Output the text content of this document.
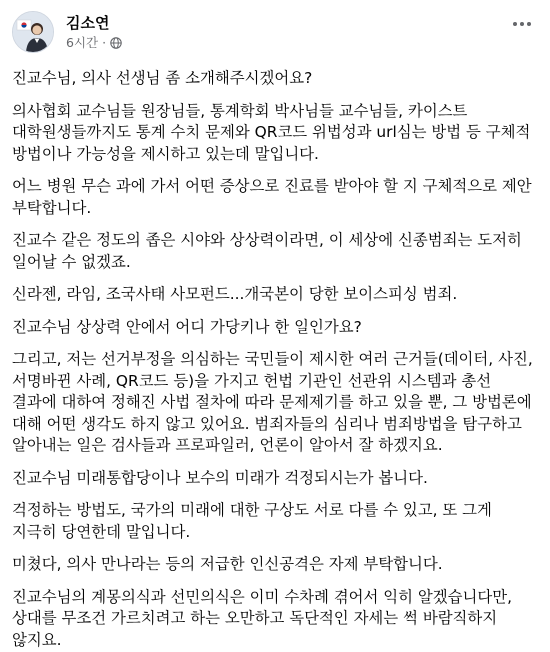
김소연
6시간 ·

진교수님, 의사 선생님 좀 소개해주시겠어요?

의사협회 교수님들 원장님들, 통계학회 박사님들 교수님들, 카이스트 대학원생들까지도 통계 수치 문제와 QR코드 위법성과 url심는 방법 등 구체적 방법이나 가능성을 제시하고 있는데 말입니다.

어느 병원 무슨 과에 가서 어떤 증상으로 진료를 받아야 할 지 구체적으로 제안 부탁합니다.

진교수 같은 정도의 좁은 시야와 상상력이라면, 이 세상에 신종범죄는 도저히 일어날 수 없겠죠.

신라젠, 라임, 조국사태 사모펀드...개국본이 당한 보이스피싱 범죄.

진교수님 상상력 안에서 어디 가당키나 한 일인가요?

그리고, 저는 선거부정을 의심하는 국민들이 제시한 여러 근거들(데이터, 사진, 서명바뀐 사례, QR코드 등)을 가지고 헌법 기관인 선관위 시스템과 총선 결과에 대하여 정해진 사법 절차에 따라 문제제기를 하고 있을 뿐, 그 방법론에 대해 어떤 생각도 하지 않고 있어요. 범죄자들의 심리나 범죄방법을 탐구하고 알아내는 일은 검사들과 프로파일러, 언론이 알아서 잘 하겠지요.

진교수님 미래통합당이나 보수의 미래가 걱정되시는가 봅니다.

걱정하는 방법도, 국가의 미래에 대한 구상도 서로 다를 수 있고, 또 그게 지극히 당연한데 말입니다.

미쳤다, 의사 만나라는 등의 저급한 인신공격은 자제 부탁합니다.

진교수님의 계몽의식과 선민의식은 이미 수차례 겪어서 익히 알겠습니다만, 상대를 무조건 가르치려고 하는 오만하고 독단적인 자세는 썩 바람직하지 않지요.
